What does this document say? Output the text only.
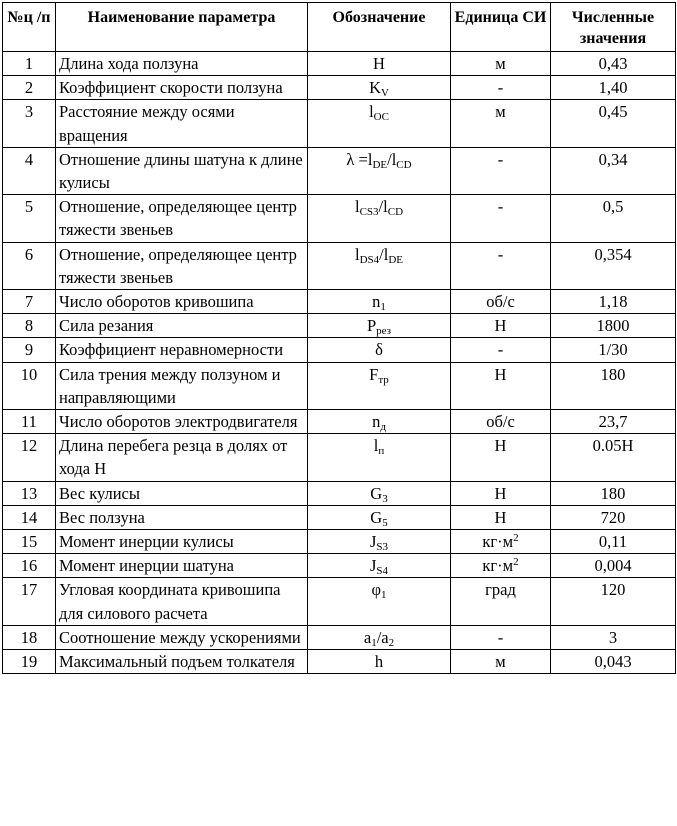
№ц /п	Наименование параметра	Обозначение	Единица СИ	Численные значения
1	Длина хода ползуна	H	м	0,43
2	Коэффициент скорости ползуна	$K_V$	-	1,40
3	Расстояние между осями вращения	$l_{OC}$	м	0,45
4	Отношение длины шатуна к длине кулисы	$\lambda =l_{DE}/l_{CD}$	-	0,34
5	Отношение, определяющее центр тяжести звеньев	$l_{CS3}/l_{CD}$	-	0,5
6	Отношение, определяющее центр тяжести звеньев	$l_{DS4}/l_{DE}$	-	0,354
7	Число оборотов кривошипа	$n_1$	об/с	1,18
8	Сила резания	$P_{рез}$	Н	1800
9	Коэффициент неравномерности	δ	-	1/30
10	Сила трения между ползуном и направляющими	$F_{тр}$	Н	180
11	Число оборотов электродвигателя	$n_д$	об/с	23,7
12	Длина перебега резца в долях от хода H	$l_п$	Н	0.05Н
13	Вес кулисы	$G_3$	Н	180
14	Вес ползуна	$G_5$	Н	720
15	Момент инерции кулисы	$J_{S3}$	$кг\cdot м^2$	0,11
16	Момент инерции шатуна	$J_{S4}$	$кг\cdot м^2$	0,004
17	Угловая координата кривошипа для силового расчета	$\varphi_1$	град	120
18	Соотношение между ускорениями	$a_1/a_2$	-	3
19	Максимальный подъем толкателя	h	м	0,043
